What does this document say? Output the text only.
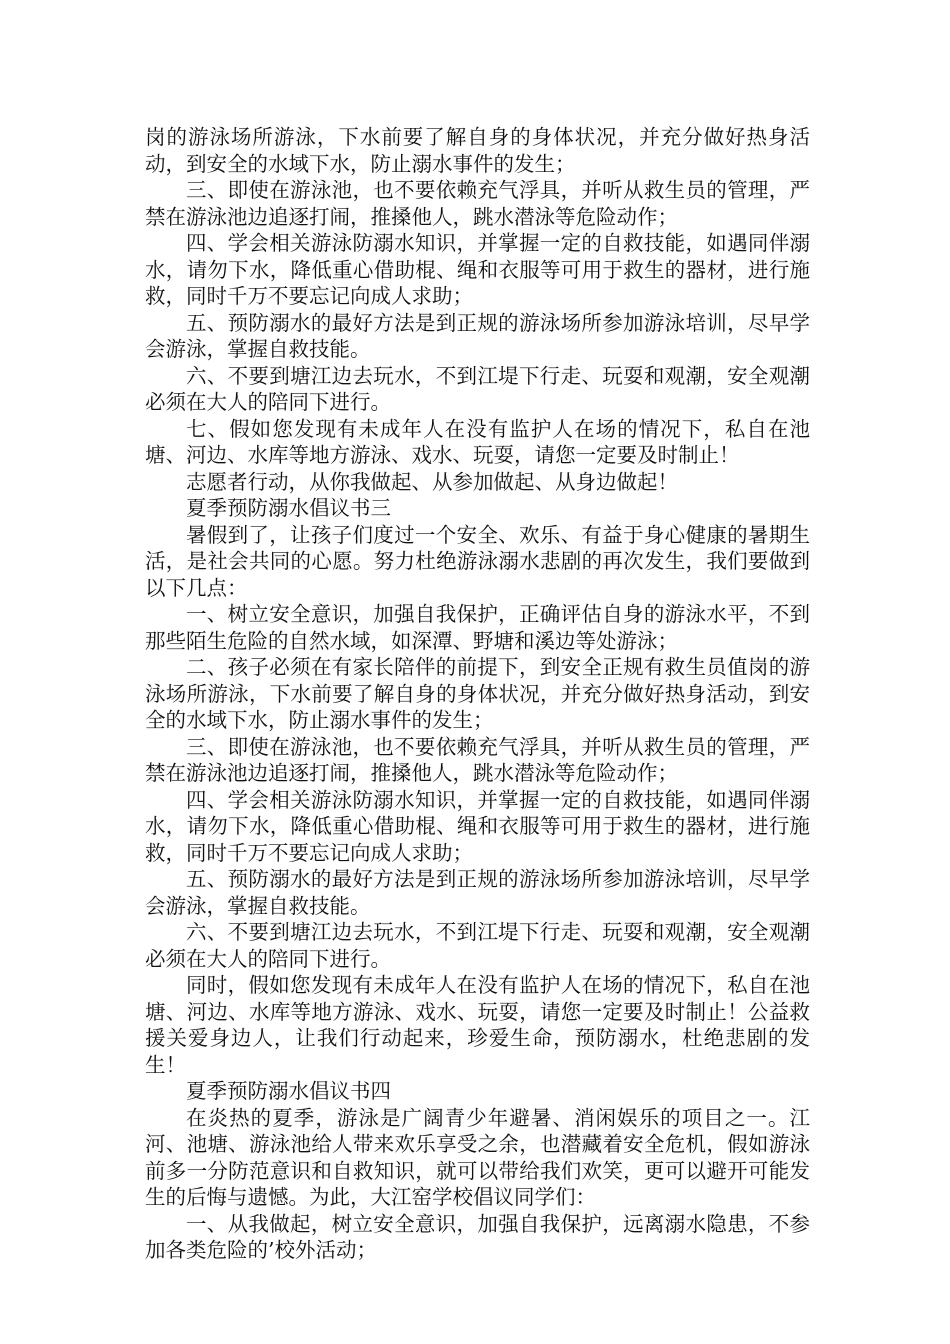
岗的游泳场所游泳，下水前要了解自身的身体状况，并充分做好热身活动，到安全的水域下水，防止溺水事件的发生；

三、即使在游泳池，也不要依赖充气浮具，并听从救生员的管理，严禁在游泳池边追逐打闹，推搡他人，跳水潜泳等危险动作；

四、学会相关游泳防溺水知识，并掌握一定的自救技能，如遇同伴溺水，请勿下水，降低重心借助棍、绳和衣服等可用于救生的器材，进行施救，同时千万不要忘记向成人求助；

五、预防溺水的最好方法是到正规的游泳场所参加游泳培训，尽早学会游泳，掌握自救技能。

六、不要到塘江边去玩水，不到江堤下行走、玩耍和观潮，安全观潮必须在大人的陪同下进行。

七、假如您发现有未成年人在没有监护人在场的情况下，私自在池塘、河边、水库等地方游泳、戏水、玩耍，请您一定要及时制止！

志愿者行动，从你我做起、从参加做起、从身边做起！

夏季预防溺水倡议书三

暑假到了，让孩子们度过一个安全、欢乐、有益于身心健康的暑期生活，是社会共同的心愿。努力杜绝游泳溺水悲剧的再次发生，我们要做到以下几点：

一、树立安全意识，加强自我保护，正确评估自身的游泳水平，不到那些陌生危险的自然水域，如深潭、野塘和溪边等处游泳；

二、孩子必须在有家长陪伴的前提下，到安全正规有救生员值岗的游泳场所游泳，下水前要了解自身的身体状况，并充分做好热身活动，到安全的水域下水，防止溺水事件的发生；

三、即使在游泳池，也不要依赖充气浮具，并听从救生员的管理，严禁在游泳池边追逐打闹，推搡他人，跳水潜泳等危险动作；

四、学会相关游泳防溺水知识，并掌握一定的自救技能，如遇同伴溺水，请勿下水，降低重心借助棍、绳和衣服等可用于救生的器材，进行施救，同时千万不要忘记向成人求助；

五、预防溺水的最好方法是到正规的游泳场所参加游泳培训，尽早学会游泳，掌握自救技能。

六、不要到塘江边去玩水，不到江堤下行走、玩耍和观潮，安全观潮必须在大人的陪同下进行。

同时，假如您发现有未成年人在没有监护人在场的情况下，私自在池塘、河边、水库等地方游泳、戏水、玩耍，请您一定要及时制止！公益救援关爱身边人，让我们行动起来，珍爱生命，预防溺水，杜绝悲剧的发生！

夏季预防溺水倡议书四

在炎热的夏季，游泳是广阔青少年避暑、消闲娱乐的项目之一。江河、池塘、游泳池给人带来欢乐享受之余，也潜藏着安全危机，假如游泳前多一分防范意识和自救知识，就可以带给我们欢笑，更可以避开可能发生的后悔与遗憾。为此，大江窑学校倡议同学们：

一、从我做起，树立安全意识，加强自我保护，远离溺水隐患，不参加各类危险的’校外活动；
